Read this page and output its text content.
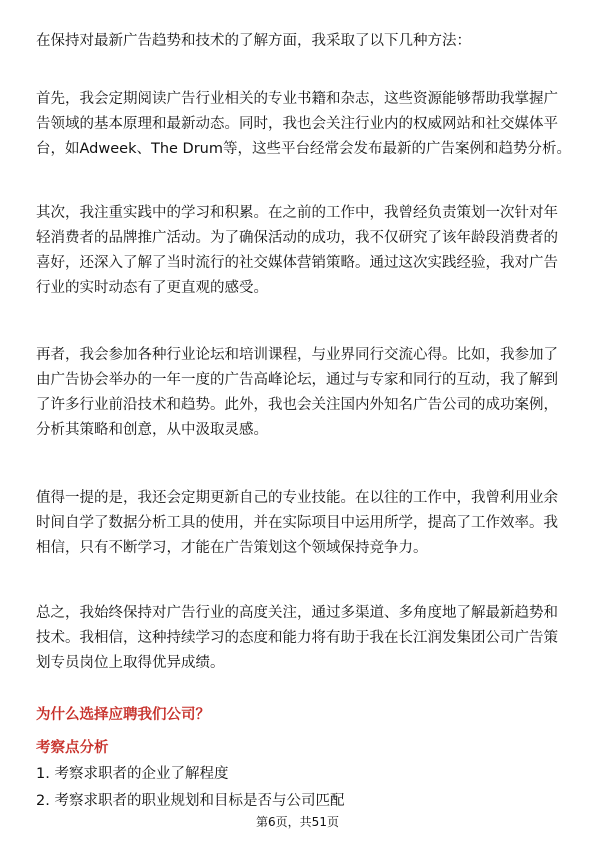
在保持对最新广告趋势和技术的了解方面，我采取了以下几种方法：

首先，我会定期阅读广告行业相关的专业书籍和杂志，这些资源能够帮助我掌握广
告领域的基本原理和最新动态。同时，我也会关注行业内的权威网站和社交媒体平
台，如Adweek、The Drum等，这些平台经常会发布最新的广告案例和趋势分析。

其次，我注重实践中的学习和积累。在之前的工作中，我曾经负责策划一次针对年
轻消费者的品牌推广活动。为了确保活动的成功，我不仅研究了该年龄段消费者的
喜好，还深入了解了当时流行的社交媒体营销策略。通过这次实践经验，我对广告
行业的实时动态有了更直观的感受。

再者，我会参加各种行业论坛和培训课程，与业界同行交流心得。比如，我参加了
由广告协会举办的一年一度的广告高峰论坛，通过与专家和同行的互动，我了解到
了许多行业前沿技术和趋势。此外，我也会关注国内外知名广告公司的成功案例，
分析其策略和创意，从中汲取灵感。

值得一提的是，我还会定期更新自己的专业技能。在以往的工作中，我曾利用业余
时间自学了数据分析工具的使用，并在实际项目中运用所学，提高了工作效率。我
相信，只有不断学习，才能在广告策划这个领域保持竞争力。

总之，我始终保持对广告行业的高度关注，通过多渠道、多角度地了解最新趋势和
技术。我相信，这种持续学习的态度和能力将有助于我在长江润发集团公司广告策
划专员岗位上取得优异成绩。

为什么选择应聘我们公司？
考察点分析

1. 考察求职者的企业了解程度

2. 考察求职者的职业规划和目标是否与公司匹配

第6页，共51页
